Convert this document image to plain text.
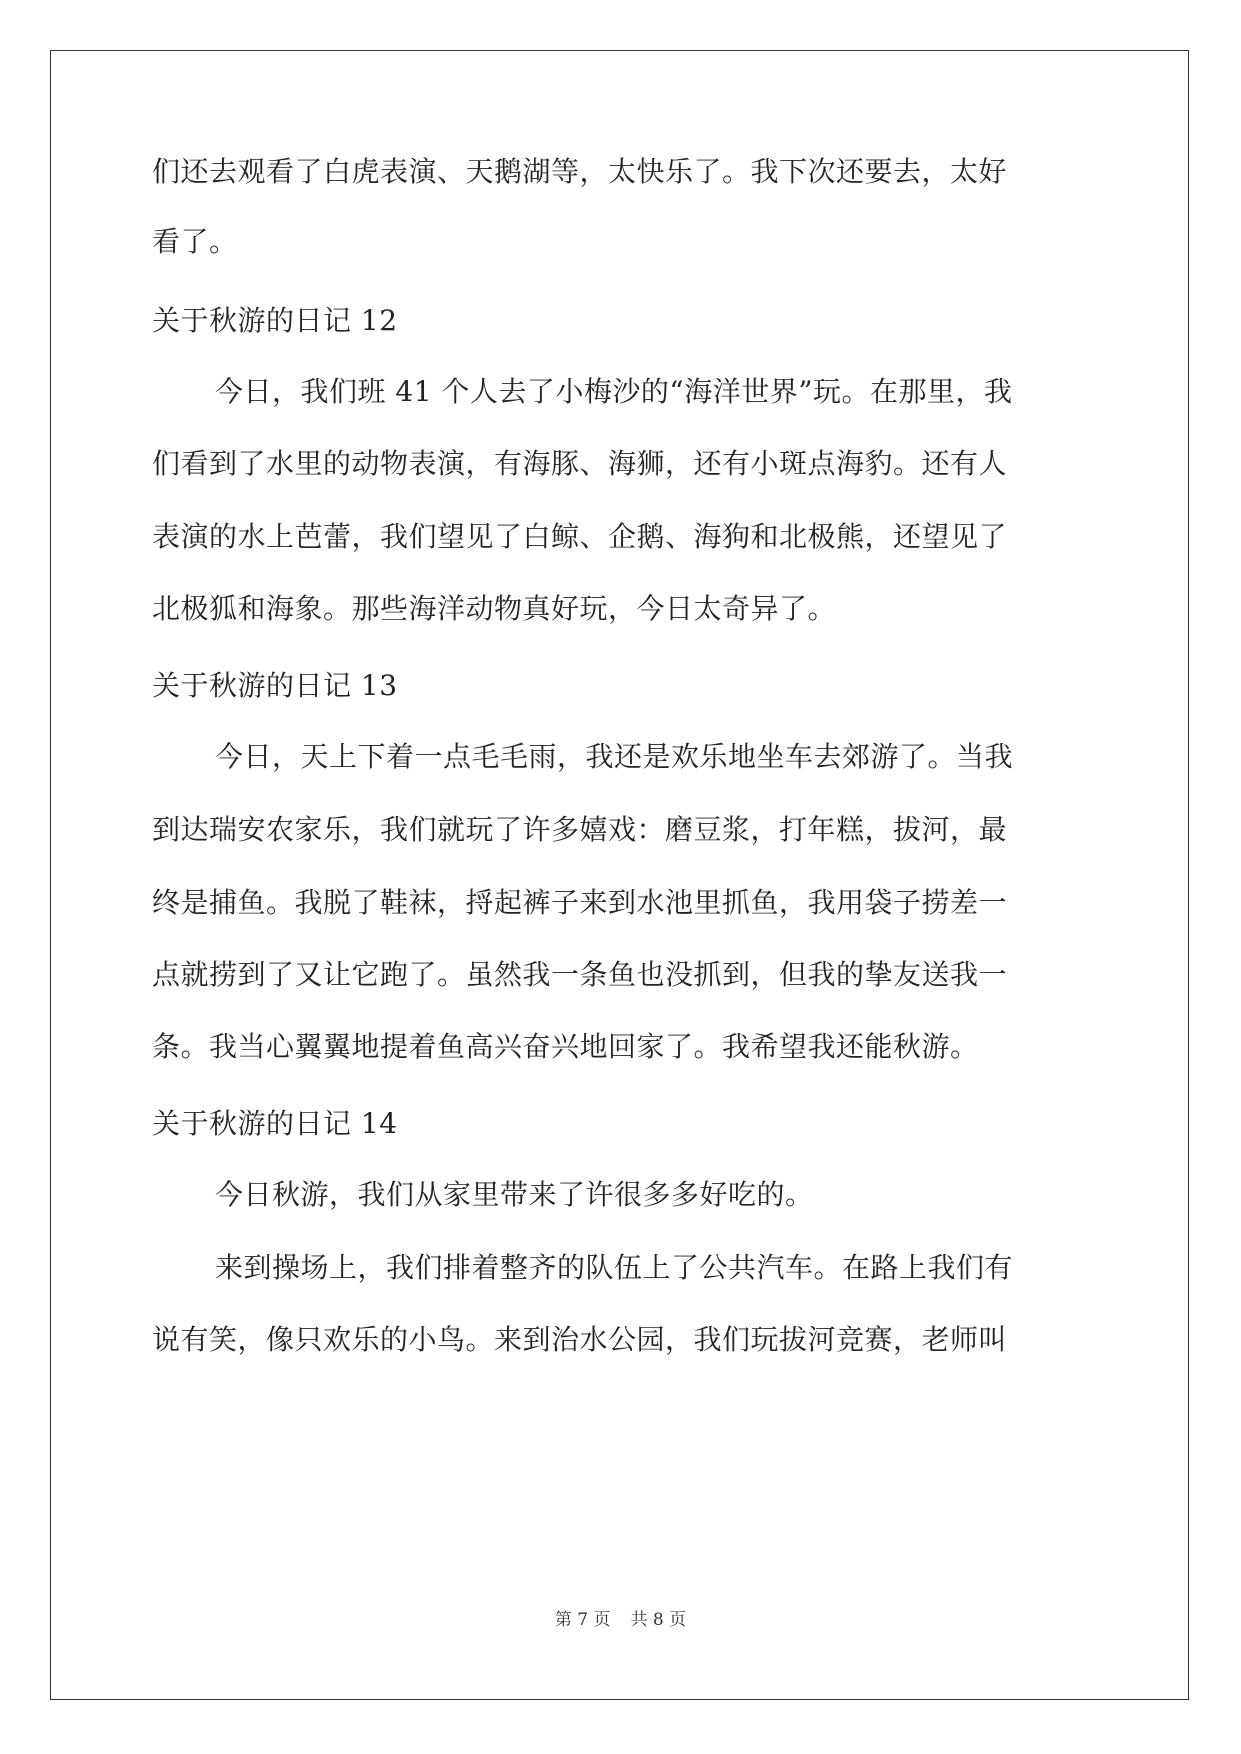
们还去观看了白虎表演、天鹅湖等，太快乐了。我下次还要去，太好
看了。
关于秋游的日记 12
今日，我们班 41 个人去了小梅沙的“海洋世界”玩。在那里，我
们看到了水里的动物表演，有海豚、海狮，还有小斑点海豹。还有人
表演的水上芭蕾，我们望见了白鲸、企鹅、海狗和北极熊，还望见了
北极狐和海象。那些海洋动物真好玩，今日太奇异了。
关于秋游的日记 13
今日，天上下着一点毛毛雨，我还是欢乐地坐车去郊游了。当我
到达瑞安农家乐，我们就玩了许多嬉戏：磨豆浆，打年糕，拔河，最
终是捕鱼。我脱了鞋袜，捋起裤子来到水池里抓鱼，我用袋子捞差一
点就捞到了又让它跑了。虽然我一条鱼也没抓到，但我的挚友送我一
条。我当心翼翼地提着鱼高兴奋兴地回家了。我希望我还能秋游。
关于秋游的日记 14
今日秋游，我们从家里带来了许很多多好吃的。
来到操场上，我们排着整齐的队伍上了公共汽车。在路上我们有
说有笑，像只欢乐的小鸟。来到治水公园，我们玩拔河竞赛，老师叫
第 7 页 共 8 页
